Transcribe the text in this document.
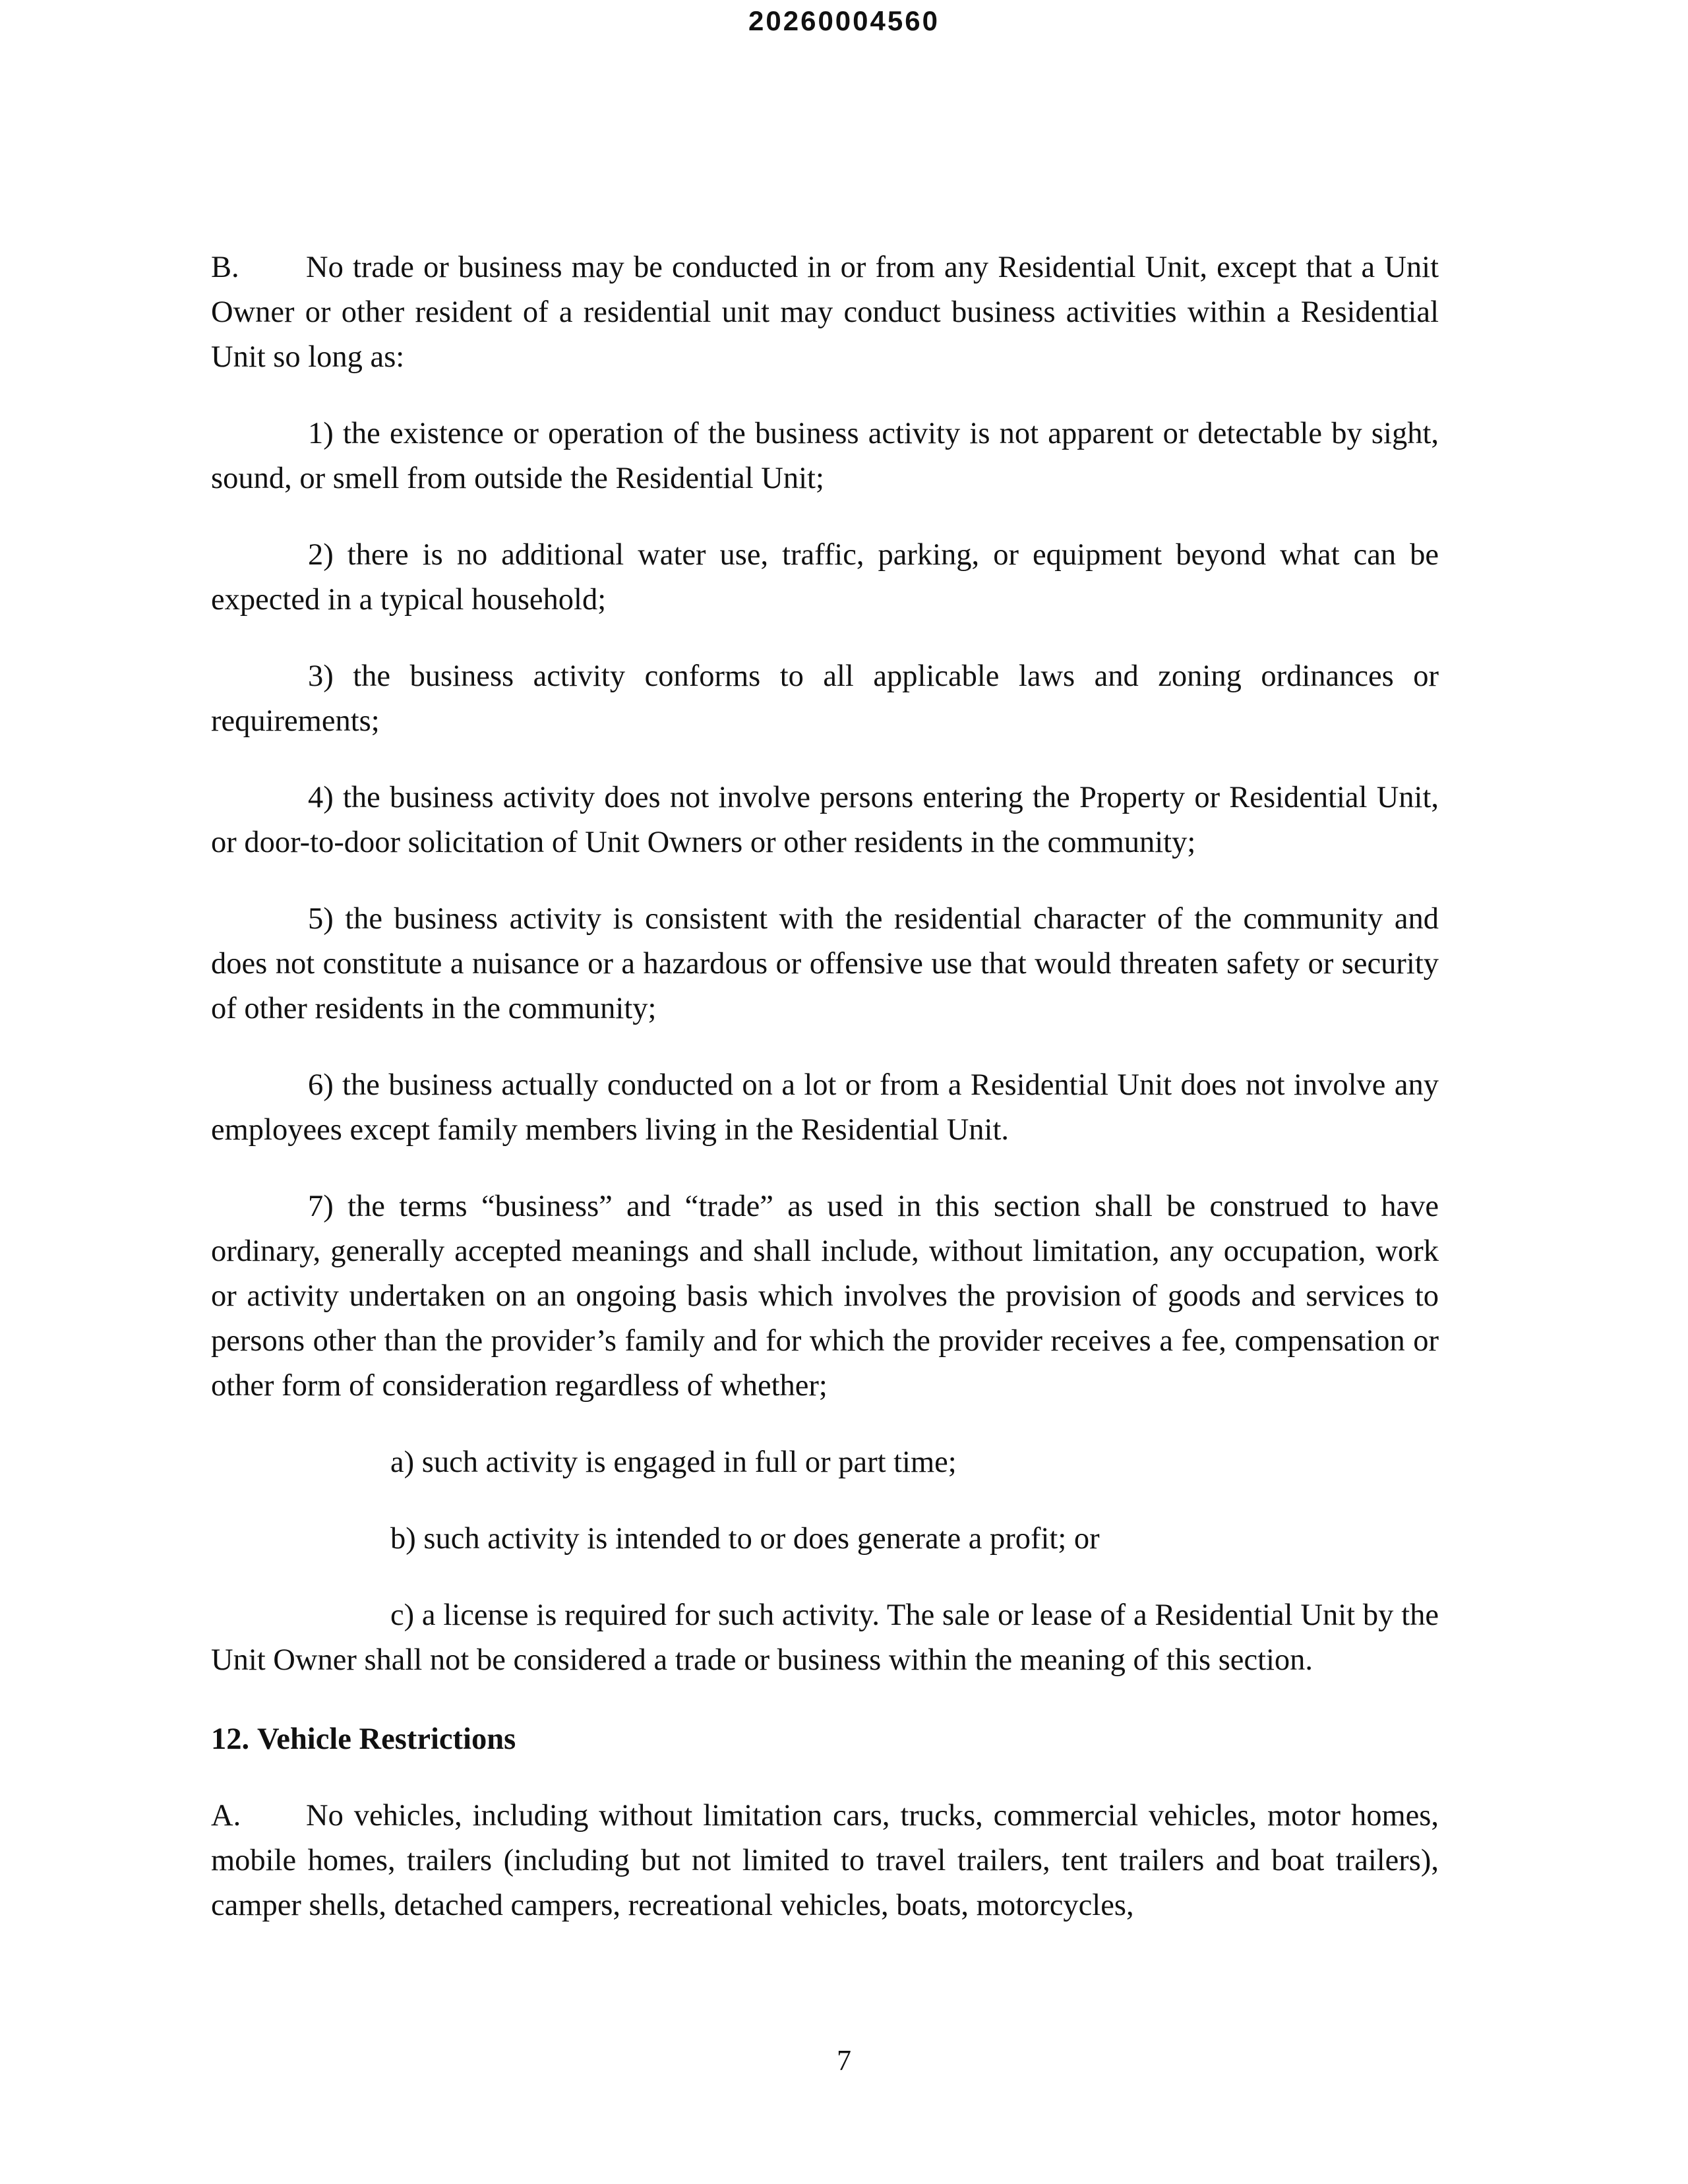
20260004560

B. No trade or business may be conducted in or from any Residential Unit, except that a Unit Owner or other resident of a residential unit may conduct business activities within a Residential Unit so long as:

1) the existence or operation of the business activity is not apparent or detectable by sight, sound, or smell from outside the Residential Unit;

2) there is no additional water use, traffic, parking, or equipment beyond what can be expected in a typical household;

3) the business activity conforms to all applicable laws and zoning ordinances or requirements;

4) the business activity does not involve persons entering the Property or Residential Unit, or door-to-door solicitation of Unit Owners or other residents in the community;

5) the business activity is consistent with the residential character of the community and does not constitute a nuisance or a hazardous or offensive use that would threaten safety or security of other residents in the community;

6) the business actually conducted on a lot or from a Residential Unit does not involve any employees except family members living in the Residential Unit.

7) the terms “business” and “trade” as used in this section shall be construed to have ordinary, generally accepted meanings and shall include, without limitation, any occupation, work or activity undertaken on an ongoing basis which involves the provision of goods and services to persons other than the provider’s family and for which the provider receives a fee, compensation or other form of consideration regardless of whether;

a) such activity is engaged in full or part time;

b) such activity is intended to or does generate a profit; or

c) a license is required for such activity. The sale or lease of a Residential Unit by the Unit Owner shall not be considered a trade or business within the meaning of this section.

12. Vehicle Restrictions

A. No vehicles, including without limitation cars, trucks, commercial vehicles, motor homes, mobile homes, trailers (including but not limited to travel trailers, tent trailers and boat trailers), camper shells, detached campers, recreational vehicles, boats, motorcycles,

7
